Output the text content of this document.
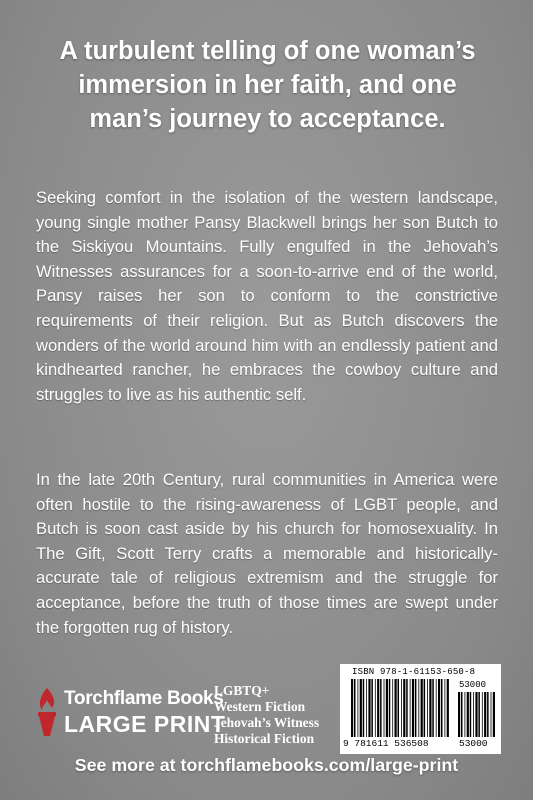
A turbulent telling of one woman’s immersion in her faith, and one man’s journey to acceptance.
Seeking comfort in the isolation of the western landscape, young single mother Pansy Blackwell brings her son Butch to the Siskiyou Mountains. Fully engulfed in the Jehovah’s Witnesses assurances for a soon-to-arrive end of the world, Pansy raises her son to conform to the constrictive requirements of their religion. But as Butch discovers the wonders of the world around him with an endlessly patient and kindhearted rancher, he embraces the cowboy culture and struggles to live as his authentic self.
In the late 20th Century, rural communities in America were often hostile to the rising-awareness of LGBT people, and Butch is soon cast aside by his church for homosexuality. In The Gift, Scott Terry crafts a memorable and historically-accurate tale of religious extremism and the struggle for acceptance, before the truth of those times are swept under the forgotten rug of history.
Torchflame Books
LARGE PRINT
LGBTQ+
Western Fiction
Jehovah’s Witness
Historical Fiction
ISBN 978-1-61153-650-8
53000
9 781611 536508	53000
See more at torchflamebooks.com/large-print
